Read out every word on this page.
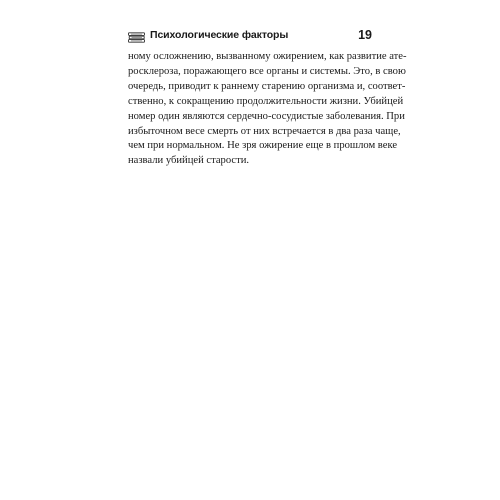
Психологические факторы	19
ному осложнению, вызванному ожирением, как развитие ате-
росклероза, поражающего все органы и системы. Это, в свою
очередь, приводит к раннему старению организма и, соответ-
ственно, к сокращению продолжительности жизни. Убийцей
номер один являются сердечно-сосудистые заболевания. При
избыточном весе смерть от них встречается в два раза чаще,
чем при нормальном. Не зря ожирение еще в прошлом веке
назвали убийцей старости.
